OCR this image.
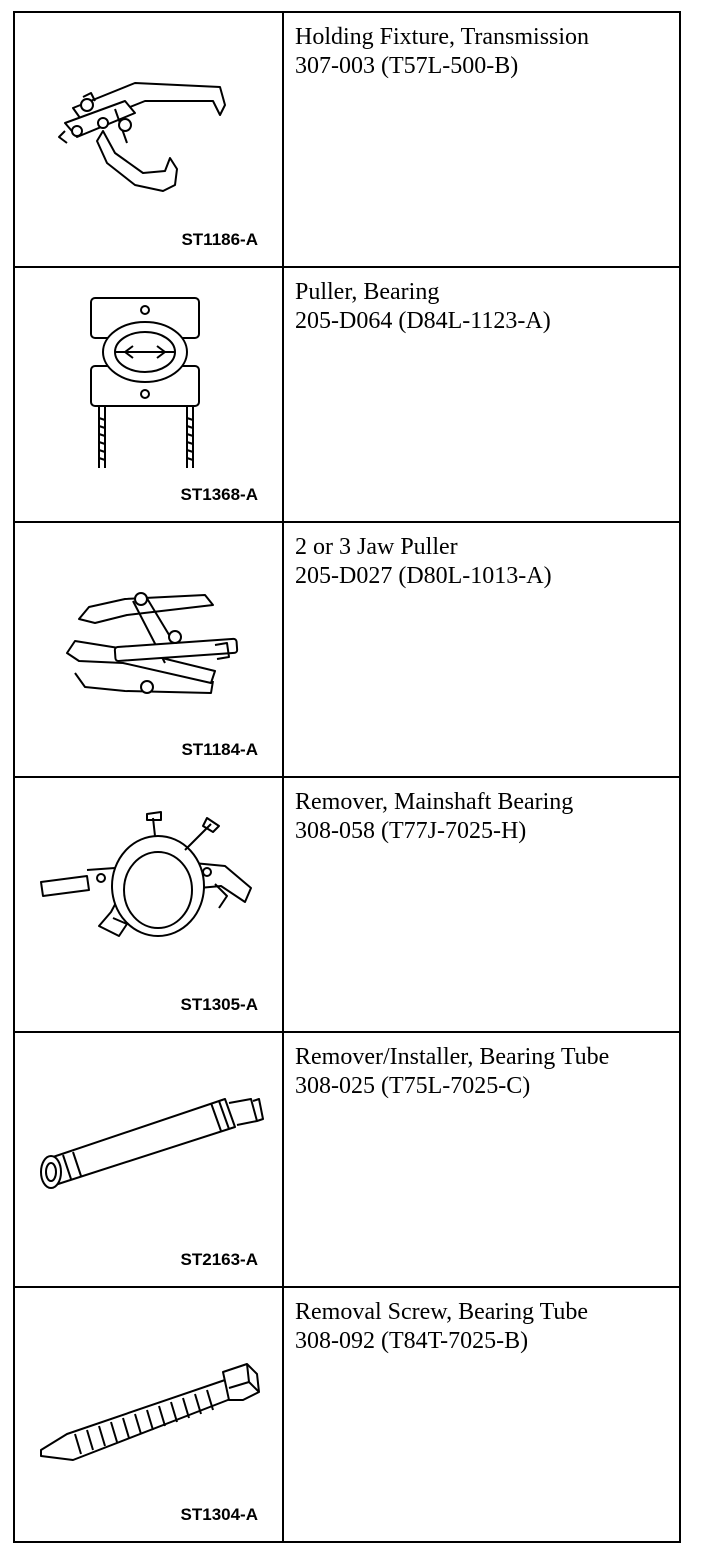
ST1186-A	Holding Fixture, Transmission
307-003 (T57L-500-B)

ST1368-A	Puller, Bearing
205-D064 (D84L-1123-A)

ST1184-A	2 or 3 Jaw Puller
205-D027 (D80L-1013-A)

ST1305-A	Remover, Mainshaft Bearing
308-058 (T77J-7025-H)

ST2163-A	Remover/Installer, Bearing Tube
308-025 (T75L-7025-C)

ST1304-A	Removal Screw, Bearing Tube
308-092 (T84T-7025-B)
